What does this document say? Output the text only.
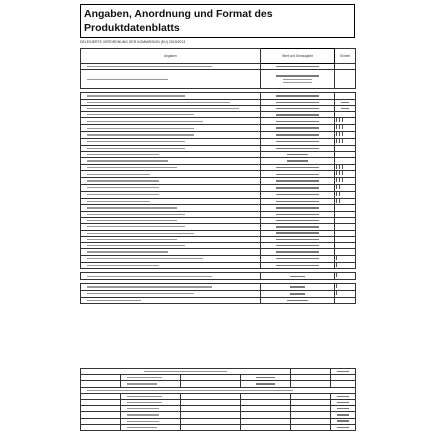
Angaben, Anordnung und Format des
Produktdatenblatts
DELEGIERTE VERORDNUNG DER KOMMISSION (EU) 2019/2013
Angaben	Wert und Genauigkeit	Einheit
